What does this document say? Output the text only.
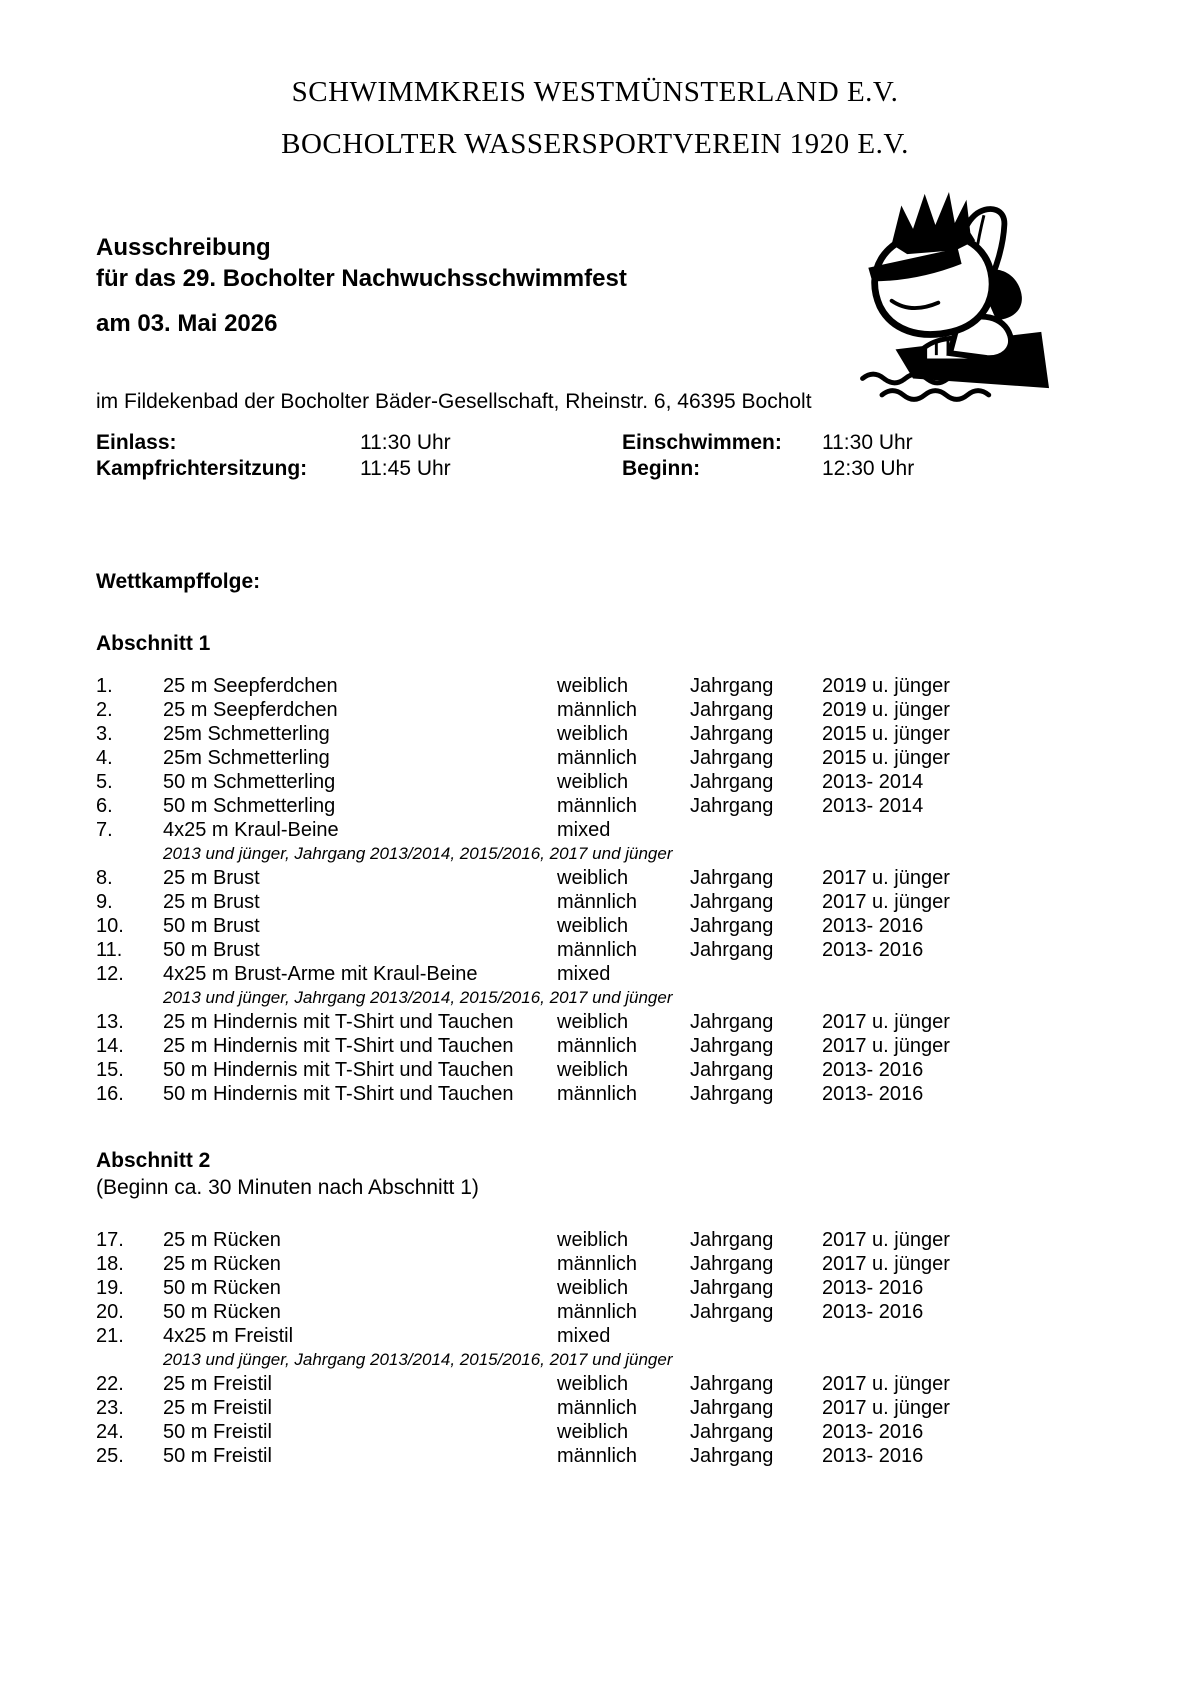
SCHWIMMKREIS WESTMÜNSTERLAND E.V.
BOCHOLTER WASSERSPORTVEREIN 1920 E.V.
Ausschreibung
für das 29. Bocholter Nachwuchsschwimmfest
am 03. Mai 2026
im Fildekenbad der Bocholter Bäder-Gesellschaft, Rheinstr. 6, 46395 Bocholt
Einlass:	11:30 Uhr	Einschwimmen:	11:30 Uhr
Kampfrichtersitzung:	11:45 Uhr	Beginn:	12:30 Uhr
Wettkampffolge:
Abschnitt 1
1.	25 m Seepferdchen	weiblich	Jahrgang	2019 u. jünger
2.	25 m Seepferdchen	männlich	Jahrgang	2019 u. jünger
3.	25m Schmetterling	weiblich	Jahrgang	2015 u. jünger
4.	25m Schmetterling	männlich	Jahrgang	2015 u. jünger
5.	50 m Schmetterling	weiblich	Jahrgang	2013- 2014
6.	50 m Schmetterling	männlich	Jahrgang	2013- 2014
7.	4x25 m Kraul-Beine	mixed
2013 und jünger, Jahrgang 2013/2014, 2015/2016, 2017 und jünger
8.	25 m Brust	weiblich	Jahrgang	2017 u. jünger
9.	25 m Brust	männlich	Jahrgang	2017 u. jünger
10.	50 m Brust	weiblich	Jahrgang	2013- 2016
11.	50 m Brust	männlich	Jahrgang	2013- 2016
12.	4x25 m Brust-Arme mit Kraul-Beine	mixed
2013 und jünger, Jahrgang 2013/2014, 2015/2016, 2017 und jünger
13.	25 m Hindernis mit T-Shirt und Tauchen	weiblich	Jahrgang	2017 u. jünger
14.	25 m Hindernis mit T-Shirt und Tauchen	männlich	Jahrgang	2017 u. jünger
15.	50 m Hindernis mit T-Shirt und Tauchen	weiblich	Jahrgang	2013- 2016
16.	50 m Hindernis mit T-Shirt und Tauchen	männlich	Jahrgang	2013- 2016
Abschnitt 2
(Beginn ca. 30 Minuten nach Abschnitt 1)
17.	25 m Rücken	weiblich	Jahrgang	2017 u. jünger
18.	25 m Rücken	männlich	Jahrgang	2017 u. jünger
19.	50 m Rücken	weiblich	Jahrgang	2013- 2016
20.	50 m Rücken	männlich	Jahrgang	2013- 2016
21.	4x25 m Freistil	mixed
2013 und jünger, Jahrgang 2013/2014, 2015/2016, 2017 und jünger
22.	25 m Freistil	weiblich	Jahrgang	2017 u. jünger
23.	25 m Freistil	männlich	Jahrgang	2017 u. jünger
24.	50 m Freistil	weiblich	Jahrgang	2013- 2016
25.	50 m Freistil	männlich	Jahrgang	2013- 2016
